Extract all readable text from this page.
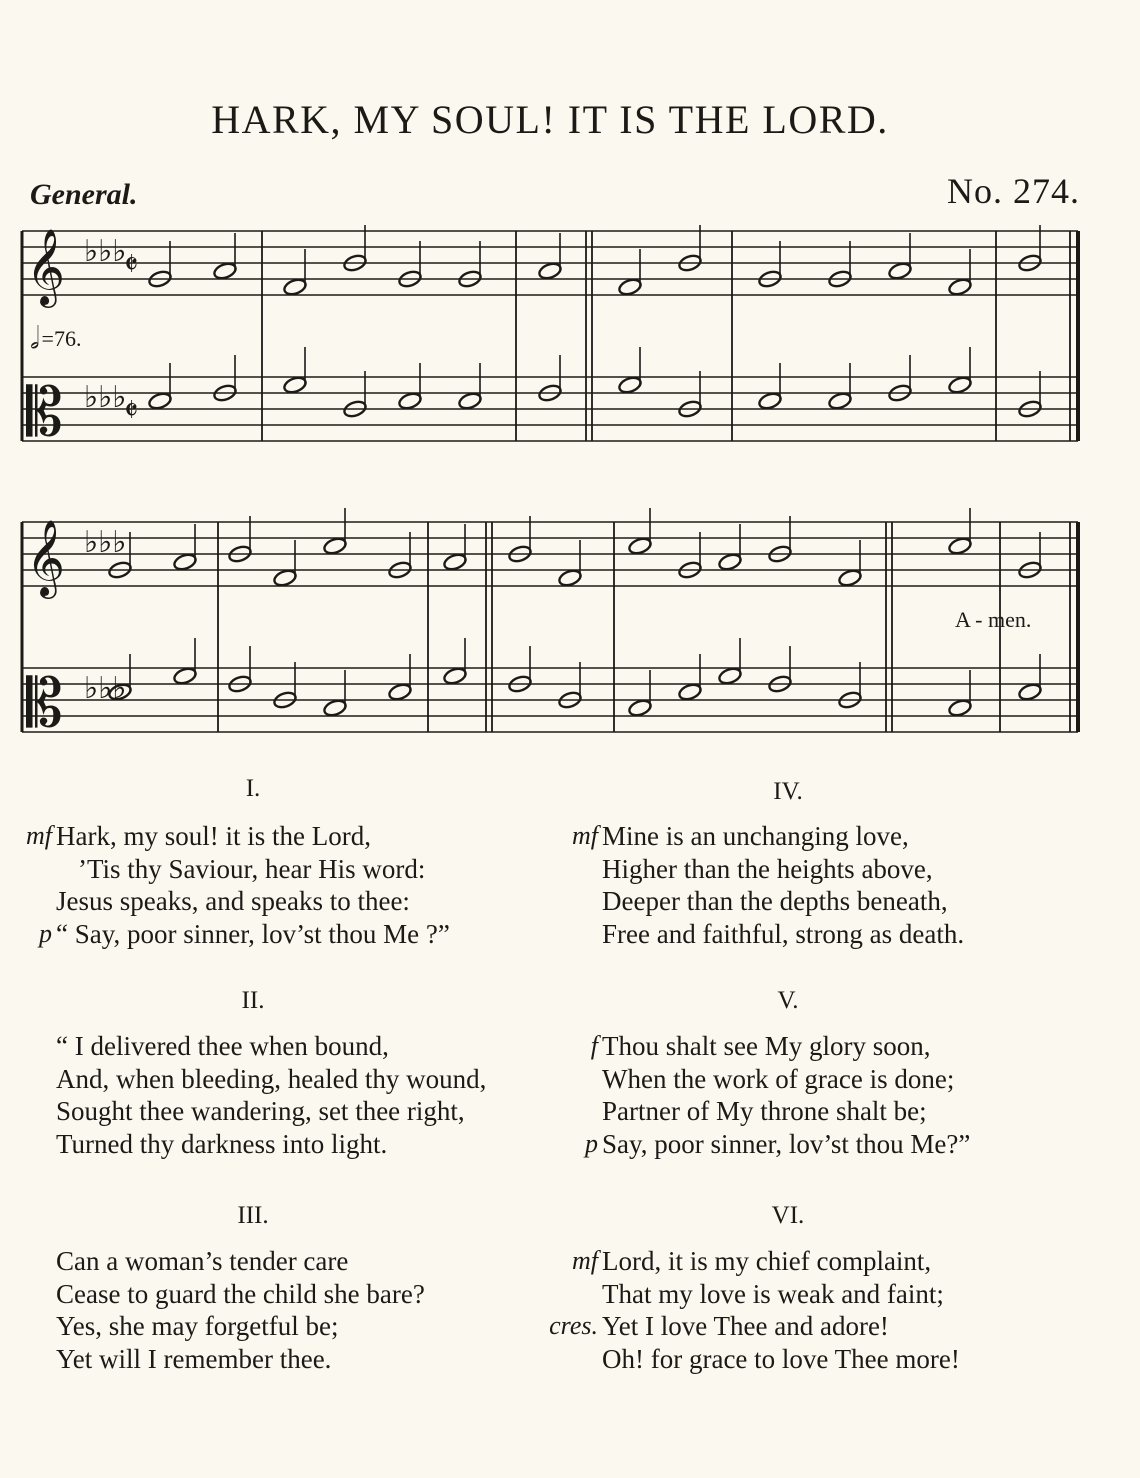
HARK, MY SOUL! IT IS THE LORD.
General.	No. 274.
𝅗𝅥 =76.
𝄞 ♭♭♭
𝄵
𝄡 ♭♭♭
𝄵
𝄞 ♭♭♭
𝄡 ♭♭♭
A - men.
I.
II.
III.
IV.
V.
VI.
mf Hark, my soul! it is the Lord,
’Tis thy Saviour, hear His word:
Jesus speaks, and speaks to thee:
p “ Say, poor sinner, lov’st thou Me ?”
“ I delivered thee when bound,
And, when bleeding, healed thy wound,
Sought thee wandering, set thee right,
Turned thy darkness into light.
Can a woman’s tender care
Cease to guard the child she bare?
Yes, she may forgetful be;
Yet will I remember thee.
mf Mine is an unchanging love,
Higher than the heights above,
Deeper than the depths beneath,
Free and faithful, strong as death.
f Thou shalt see My glory soon,
When the work of grace is done;
Partner of My throne shalt be;
p Say, poor sinner, lov’st thou Me?”
mf Lord, it is my chief complaint,
That my love is weak and faint;
cres. Yet I love Thee and adore!
Oh! for grace to love Thee more!
